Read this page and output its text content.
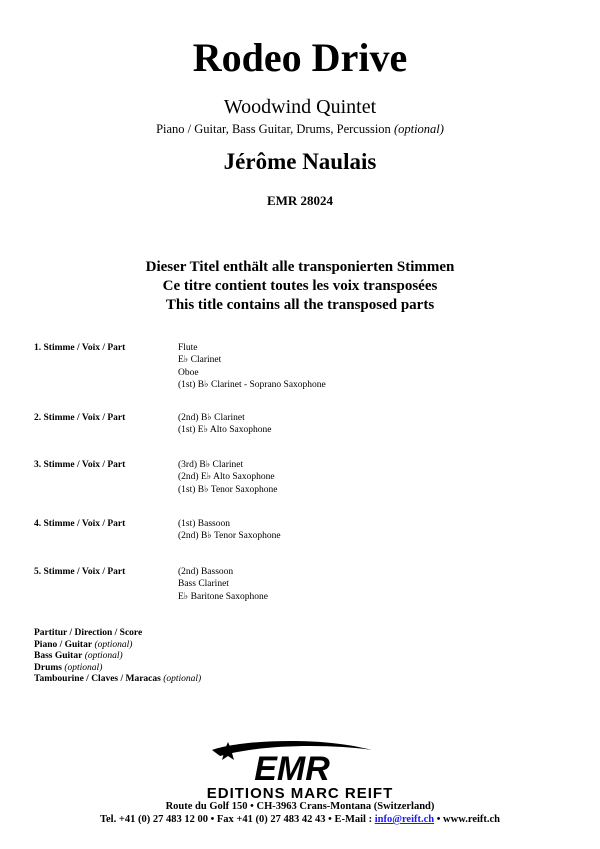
Rodeo Drive
Woodwind Quintet
Piano / Guitar, Bass Guitar, Drums, Percussion (optional)
Jérôme Naulais
EMR 28024
Dieser Titel enthält alle transponierten Stimmen
Ce titre contient toutes les voix transposées
This title contains all the transposed parts
1. Stimme / Voix / Part	Flute
E♭ Clarinet
Oboe
(1st) B♭ Clarinet - Soprano Saxophone
2. Stimme / Voix / Part	(2nd) B♭ Clarinet
(1st) E♭ Alto Saxophone
3. Stimme / Voix / Part	(3rd) B♭ Clarinet
(2nd) E♭ Alto Saxophone
(1st) B♭ Tenor Saxophone
4. Stimme / Voix / Part	(1st) Bassoon
(2nd) B♭ Tenor Saxophone
5. Stimme / Voix / Part	(2nd) Bassoon
Bass Clarinet
E♭ Baritone Saxophone
Partitur / Direction / Score
Piano / Guitar (optional)
Bass Guitar (optional)
Drums (optional)
Tambourine / Claves / Maracas (optional)
EMR
EDITIONS MARC REIFT
Route du Golf 150 • CH-3963 Crans-Montana (Switzerland)
Tel. +41 (0) 27 483 12 00 • Fax +41 (0) 27 483 42 43 • E-Mail : info@reift.ch • www.reift.ch
